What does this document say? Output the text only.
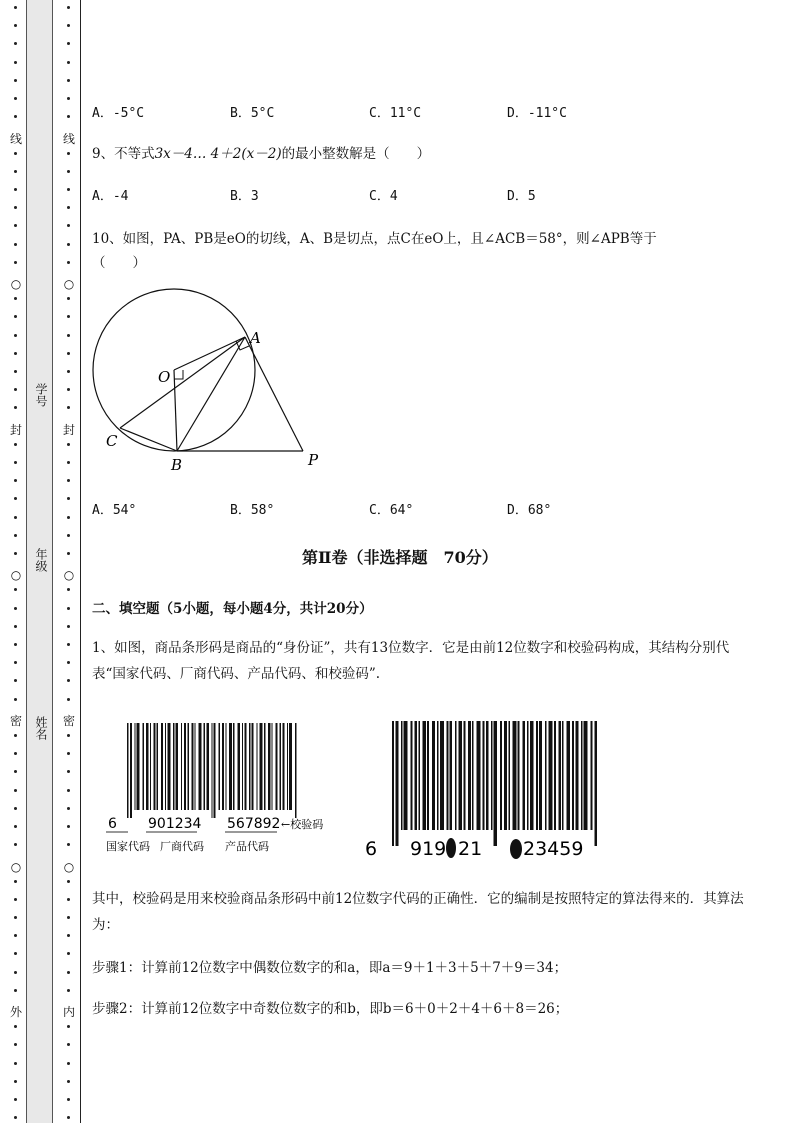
线
○
封
○
密
○
外
线
○
封
○
密
○
内
学号
年级
姓名
A．-5°C	B．5°C	C．11°C	D．-11°C
9、不等式3x－4… 4＋2(x－2)的最小整数解是（　　）
A．-4	B．3	C．4	D．5
10、如图，PA、PB是eO的切线，A、B是切点，点C在eO上，且∠ACB＝58°，则∠APB等于
（　　）
O
A
C
B	P
A．54°	B．58°	C．64°	D．68°
第Ⅱ卷（非选择题　70分）
二、填空题（5小题，每小题4分，共计20分）
1、如图，商品条形码是商品的“身份证”，共有13位数字．它是由前12位数字和校验码构成，其结构分别代表“国家代码、厂商代码、产品代码、和校验码”.
6 901234 567892 ←校验码
国家代码 厂商代码 产品代码	6 919 21 23459
其中，校验码是用来校验商品条形码中前12位数字代码的正确性．它的编制是按照特定的算法得来的．其算法为：
步骤1：计算前12位数字中偶数位数字的和a，即a＝9＋1＋3＋5＋7＋9＝34；
步骤2：计算前12位数字中奇数位数字的和b，即b＝6＋0＋2＋4＋6＋8＝26；
